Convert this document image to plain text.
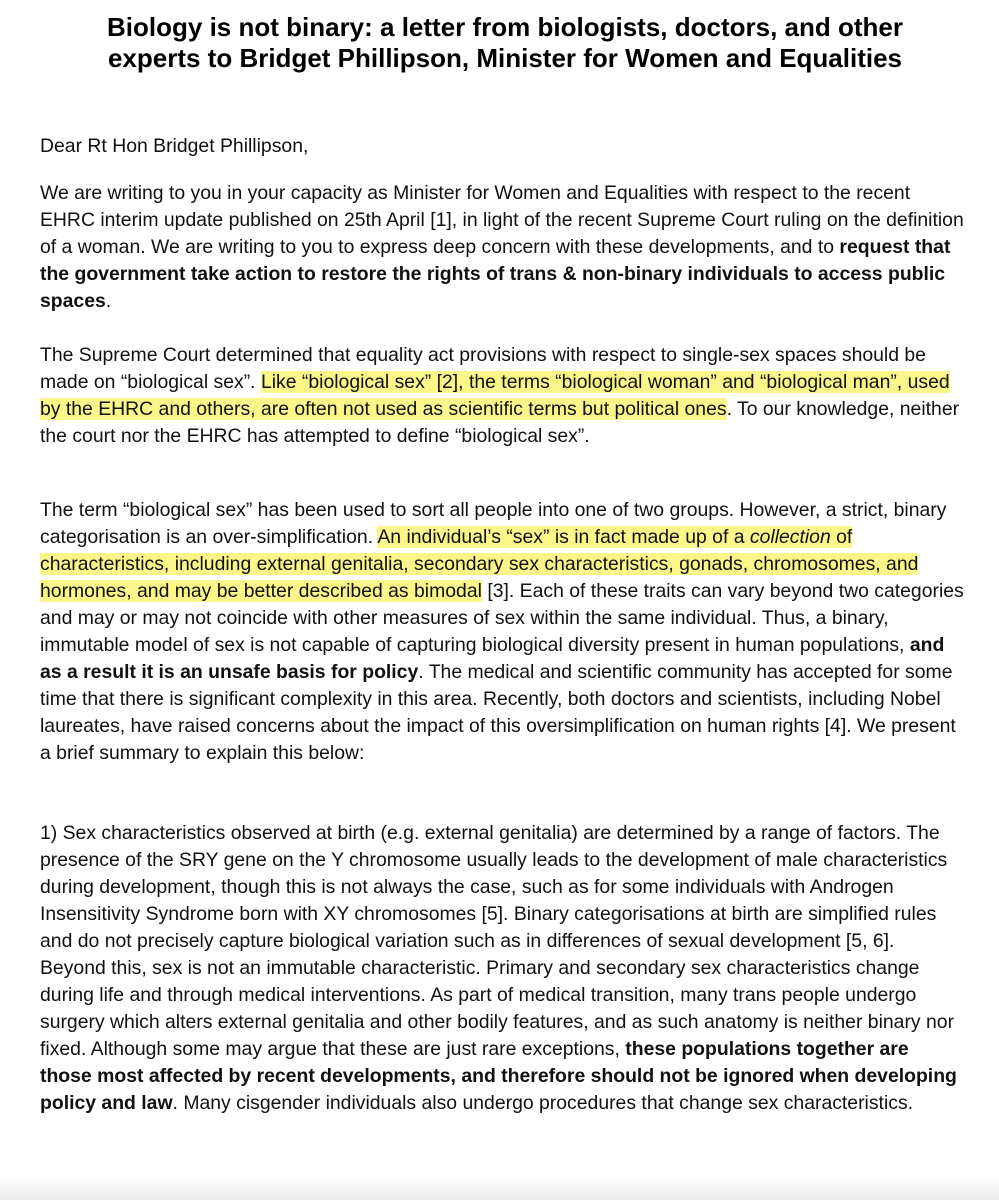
Biology is not binary: a letter from biologists, doctors, and other
experts to Bridget Phillipson, Minister for Women and Equalities

Dear Rt Hon Bridget Phillipson,

We are writing to you in your capacity as Minister for Women and Equalities with respect to the recent EHRC interim update published on 25th April [1], in light of the recent Supreme Court ruling on the definition of a woman. We are writing to you to express deep concern with these developments, and to request that the government take action to restore the rights of trans & non-binary individuals to access public spaces.

The Supreme Court determined that equality act provisions with respect to single-sex spaces should be made on “biological sex”. Like “biological sex” [2], the terms “biological woman” and “biological man”, used by the EHRC and others, are often not used as scientific terms but political ones. To our knowledge, neither the court nor the EHRC has attempted to define “biological sex”.

The term “biological sex” has been used to sort all people into one of two groups. However, a strict, binary categorisation is an over-simplification. An individual’s “sex” is in fact made up of a collection of characteristics, including external genitalia, secondary sex characteristics, gonads, chromosomes, and hormones, and may be better described as bimodal [3]. Each of these traits can vary beyond two categories and may or may not coincide with other measures of sex within the same individual. Thus, a binary, immutable model of sex is not capable of capturing biological diversity present in human populations, and as a result it is an unsafe basis for policy. The medical and scientific community has accepted for some time that there is significant complexity in this area. Recently, both doctors and scientists, including Nobel laureates, have raised concerns about the impact of this oversimplification on human rights [4]. We present a brief summary to explain this below:

1) Sex characteristics observed at birth (e.g. external genitalia) are determined by a range of factors. The presence of the SRY gene on the Y chromosome usually leads to the development of male characteristics during development, though this is not always the case, such as for some individuals with Androgen Insensitivity Syndrome born with XY chromosomes [5]. Binary categorisations at birth are simplified rules and do not precisely capture biological variation such as in differences of sexual development [5, 6]. Beyond this, sex is not an immutable characteristic. Primary and secondary sex characteristics change during life and through medical interventions. As part of medical transition, many trans people undergo surgery which alters external genitalia and other bodily features, and as such anatomy is neither binary nor fixed. Although some may argue that these are just rare exceptions, these populations together are those most affected by recent developments, and therefore should not be ignored when developing policy and law. Many cisgender individuals also undergo procedures that change sex characteristics.
